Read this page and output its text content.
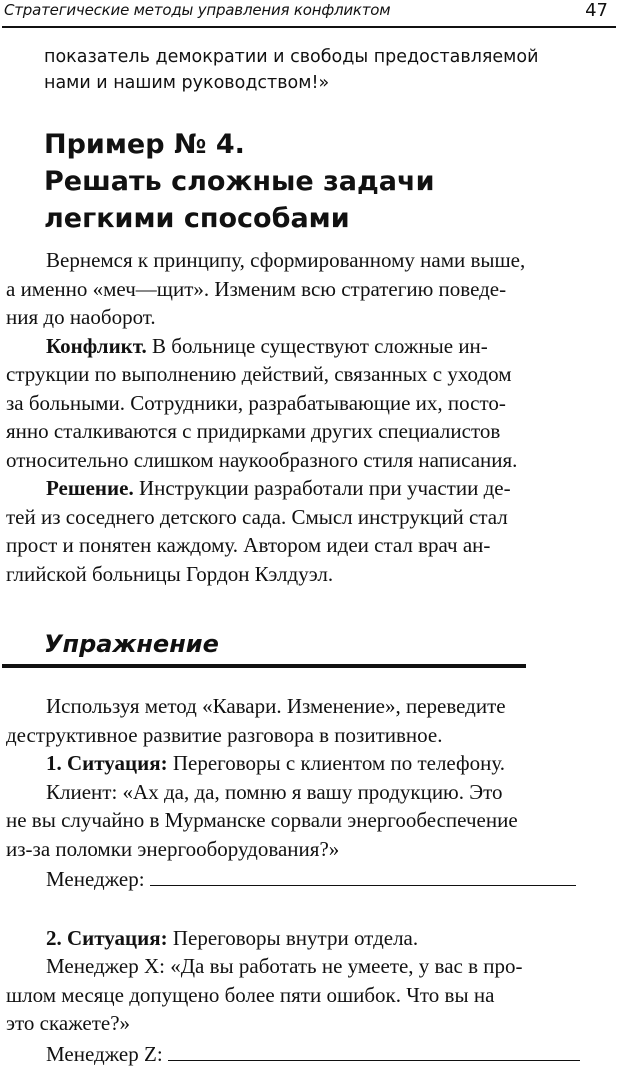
Стратегические методы управления конфликтом	47
показатель демократии и свободы предоставляемой
нами и нашим руководством!»
Пример № 4.
Решать сложные задачи
легкими способами
Вернемся к принципу, сформированному нами выше,
а именно «меч—щит». Изменим всю стратегию поведе-
ния до наоборот.
Конфликт. В больнице существуют сложные ин-
струкции по выполнению действий, связанных с уходом
за больными. Сотрудники, разрабатывающие их, посто-
янно сталкиваются с придирками других специалистов
относительно слишком наукообразного стиля написания.
Решение. Инструкции разработали при участии де-
тей из соседнего детского сада. Смысл инструкций стал
прост и понятен каждому. Автором идеи стал врач ан-
глийской больницы Гордон Кэлдуэл.
Упражнение
Используя метод «Кавари. Изменение», переведите
деструктивное развитие разговора в позитивное.
1. Ситуация: Переговоры с клиентом по телефону.
Клиент: «Ах да, да, помню я вашу продукцию. Это
не вы случайно в Мурманске сорвали энергообеспечение
из-за поломки энергооборудования?»
Менеджер:
2. Ситуация: Переговоры внутри отдела.
Менеджер X: «Да вы работать не умеете, у вас в про-
шлом месяце допущено более пяти ошибок. Что вы на
это скажете?»
Менеджер Z:
